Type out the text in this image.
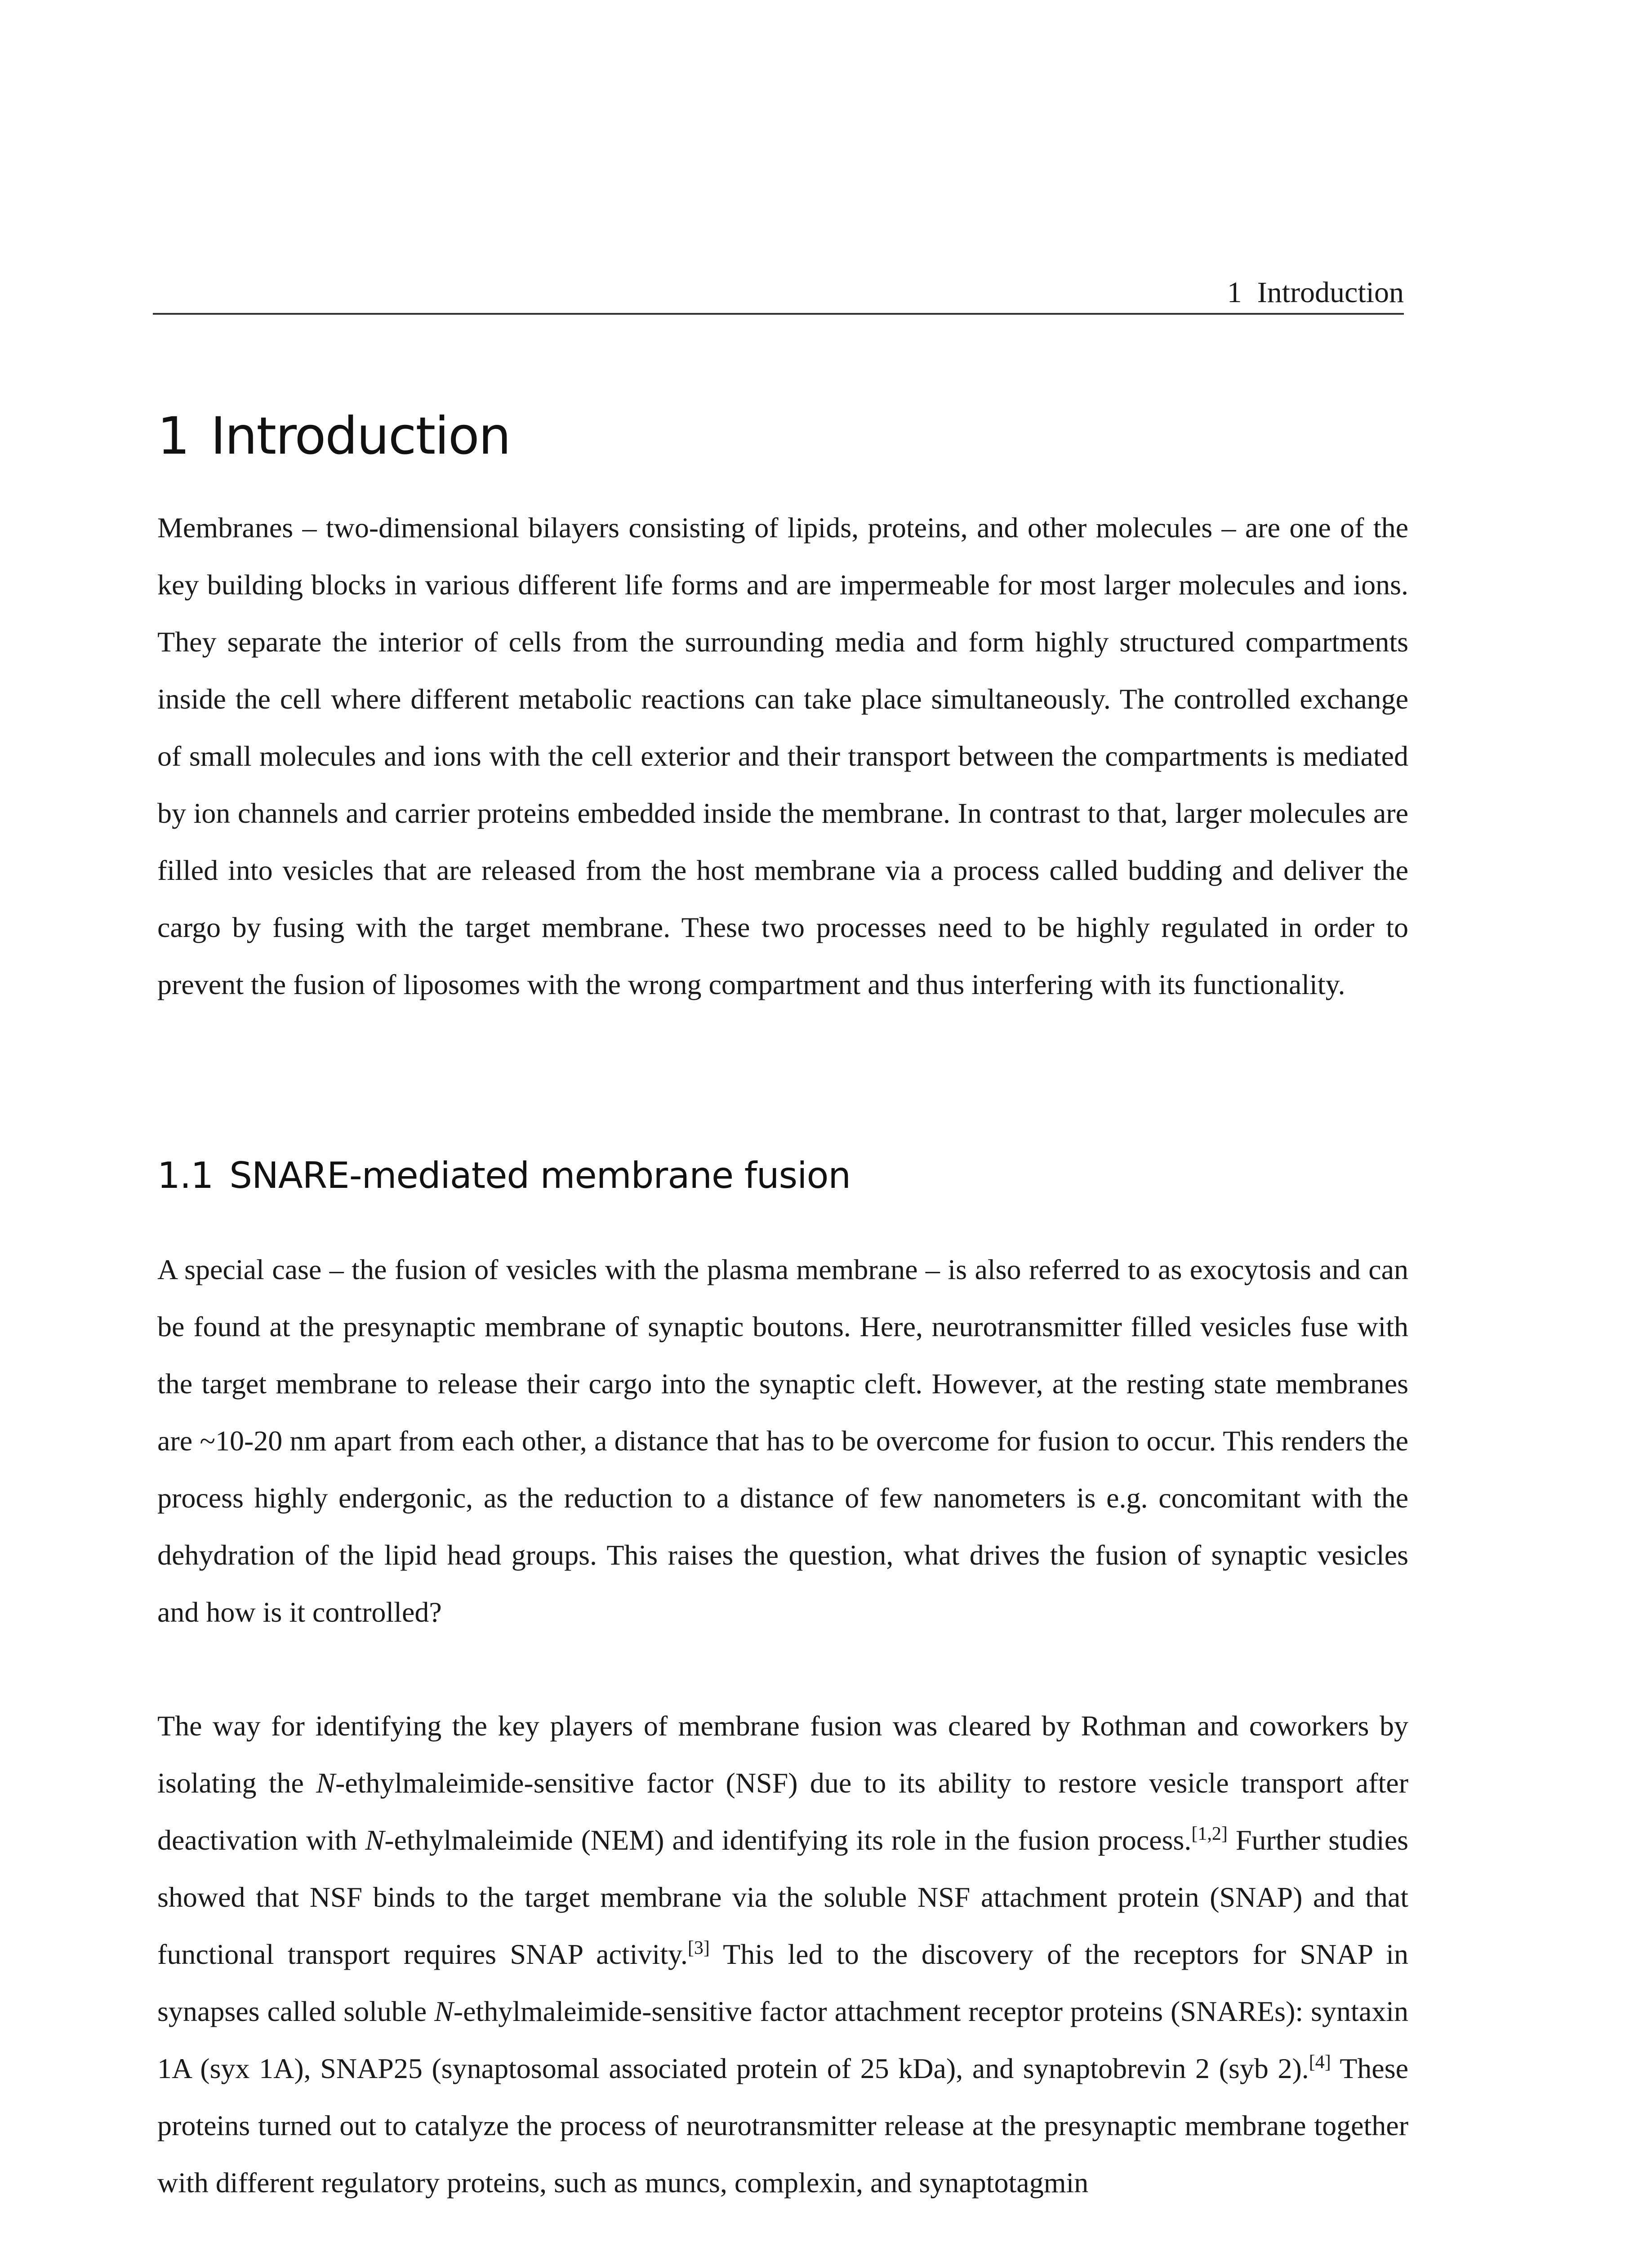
1 Introduction
1 Introduction

Membranes – two-dimensional bilayers consisting of lipids, proteins, and other molecules – are one of the key building blocks in various different life forms and are impermeable for most larger molecules and ions. They separate the interior of cells from the surrounding media and form highly structured compartments inside the cell where different metabolic reactions can take place simultaneously. The controlled exchange of small molecules and ions with the cell exterior and their transport between the compartments is mediated by ion channels and carrier proteins embedded inside the membrane. In contrast to that, larger molecules are filled into vesicles that are released from the host membrane via a process called budding and deliver the cargo by fusing with the target membrane. These two processes need to be highly regulated in order to prevent the fusion of liposomes with the wrong compartment and thus interfering with its functionality.

1.1 SNARE-mediated membrane fusion

A special case – the fusion of vesicles with the plasma membrane – is also referred to as exocytosis and can be found at the presynaptic membrane of synaptic boutons. Here, neurotransmitter filled vesicles fuse with the target membrane to release their cargo into the synaptic cleft. However, at the resting state membranes are ~10-20 nm apart from each other, a distance that has to be overcome for fusion to occur. This renders the process highly endergonic, as the reduction to a distance of few nanometers is e.g. concomitant with the dehydration of the lipid head groups. This raises the question, what drives the fusion of synaptic vesicles and how is it controlled?

The way for identifying the key players of membrane fusion was cleared by Rothman and coworkers by isolating the N-ethylmaleimide-sensitive factor (NSF) due to its ability to restore vesicle transport after deactivation with N-ethylmaleimide (NEM) and identifying its role in the fusion process.[1,2] Further studies showed that NSF binds to the target membrane via the soluble NSF attachment protein (SNAP) and that functional transport requires SNAP activity.[3] This led to the discovery of the receptors for SNAP in synapses called soluble N-ethylmaleimide-sensitive factor attachment receptor proteins (SNAREs): syntaxin 1A (syx 1A), SNAP25 (synaptosomal associated protein of 25 kDa), and synaptobrevin 2 (syb 2).[4] These proteins turned out to catalyze the process of neurotransmitter release at the presynaptic membrane together with different regulatory proteins, such as muncs, complexin, and synaptotagmin
